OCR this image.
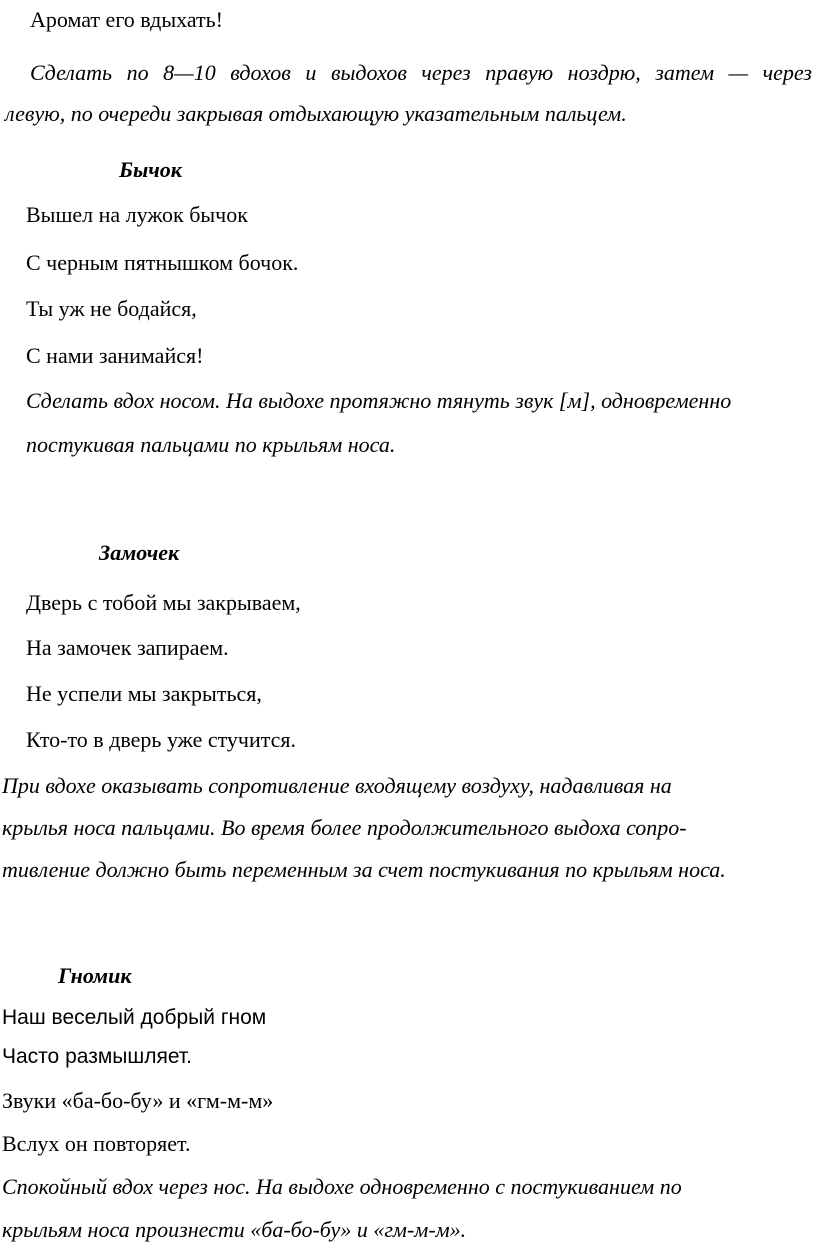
Аромат его вдыхать!
Сделать по 8—10 вдохов и выдохов через правую ноздрю, затем — через
левую, по очереди закрывая отдыхающую указательным пальцем.
Бычок
Вышел на лужок бычок
С черным пятнышком бочок.
Ты уж не бодайся,
С нами занимайся!
Сделать вдох носом. На выдохе протяжно тянуть звук [м], одновременно
постукивая пальцами по крыльям носа.
Замочек
Дверь с тобой мы закрываем,
На замочек запираем.
Не успели мы закрыться,
Кто-то в дверь уже стучится.
При вдохе оказывать сопротивление входящему воздуху, надавливая на
крылья носа пальцами. Во время более продолжительного выдоха сопро-
тивление должно быть переменным за счет постукивания по крыльям носа.
Гномик
Наш веселый добрый гном
Часто размышляет.
Звуки «ба-бо-бу» и «гм-м-м»
Вслух он повторяет.
Спокойный вдох через нос. На выдохе одновременно с постукиванием по
крыльям носа произнести «ба-бо-бу» и «гм-м-м».
